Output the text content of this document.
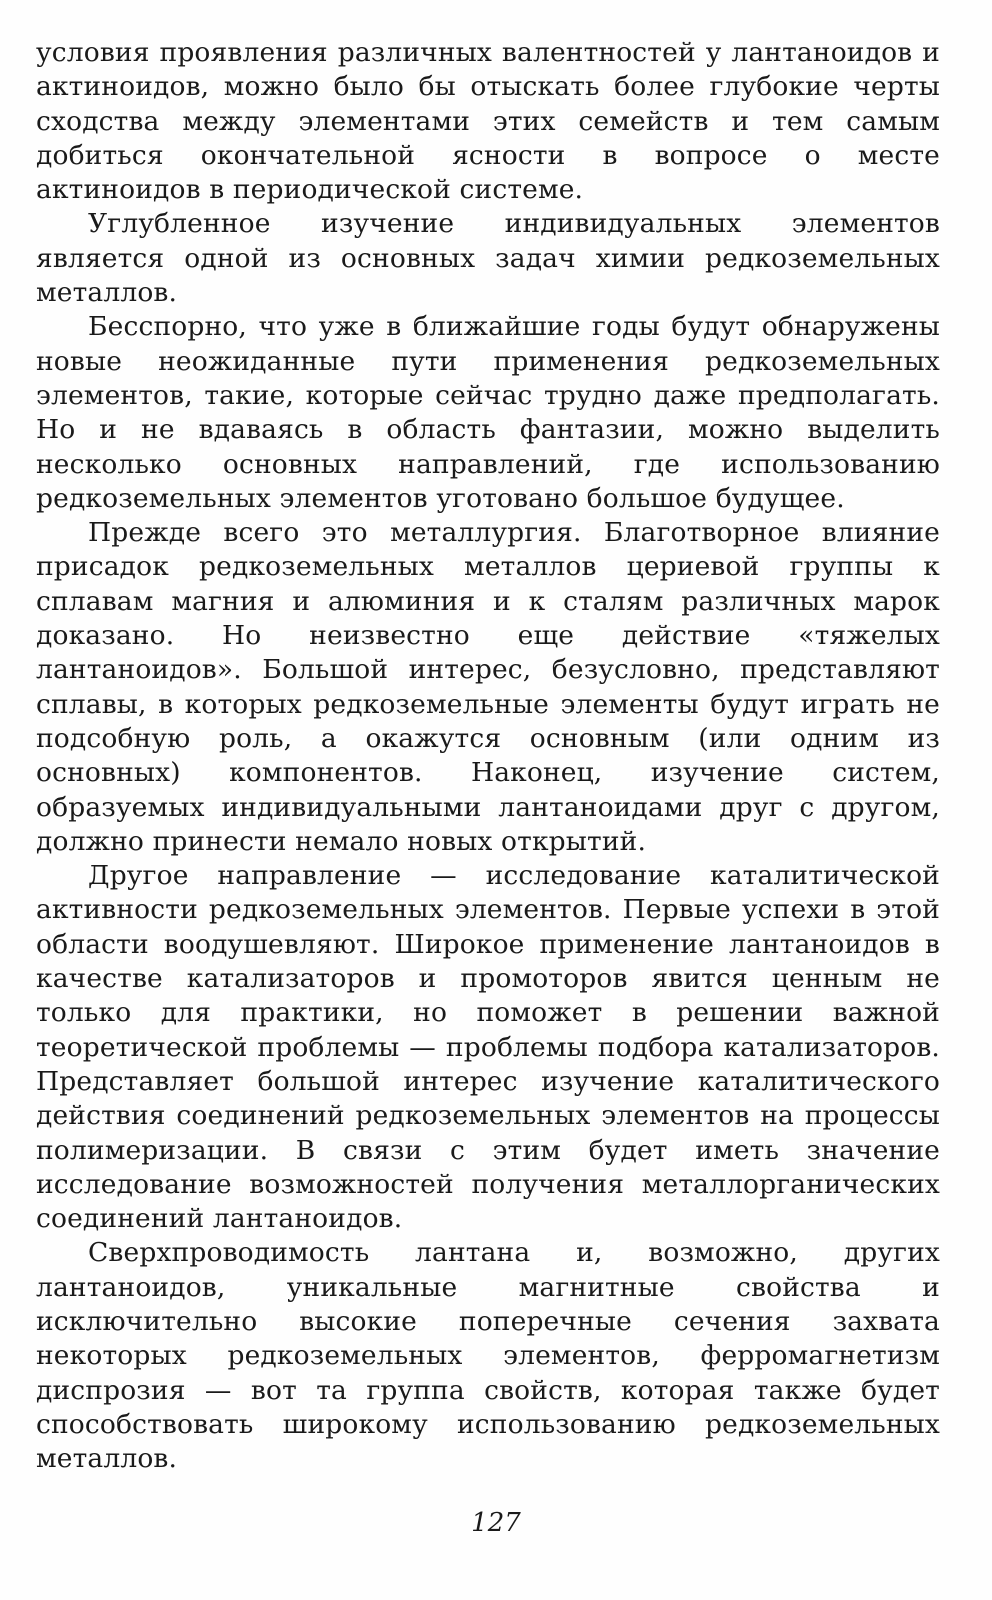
условия проявления различных валентностей у лантаноидов и актиноидов, можно было бы отыскать более глубокие черты сходства между элементами этих семейств и тем самым добиться окончательной ясности в вопросе о месте актиноидов в периодической системе.

Углубленное изучение индивидуальных элементов является одной из основных задач химии редкоземельных металлов.

Бесспорно, что уже в ближайшие годы будут обнаружены новые неожиданные пути применения редкоземельных элементов, такие, которые сейчас трудно даже предполагать. Но и не вдаваясь в область фантазии, можно выделить несколько основных направлений, где использованию редкоземельных элементов уготовано большое будущее.

Прежде всего это металлургия. Благотворное влияние присадок редкоземельных металлов цериевой группы к сплавам магния и алюминия и к сталям различных марок доказано. Но неизвестно еще действие «тяжелых лантаноидов». Большой интерес, безусловно, представляют сплавы, в которых редкоземельные элементы будут играть не подсобную роль, а окажутся основным (или одним из основных) компонентов. Наконец, изучение систем, образуемых индивидуальными лантаноидами друг с другом, должно принести немало новых открытий.

Другое направление — исследование каталитической активности редкоземельных элементов. Первые успехи в этой области воодушевляют. Широкое применение лантаноидов в качестве катализаторов и промоторов явится ценным не только для практики, но поможет в решении важной теоретической проблемы — проблемы подбора катализаторов. Представляет большой интерес изучение каталитического действия соединений редкоземельных элементов на процессы полимеризации. В связи с этим будет иметь значение исследование возможностей получения металлорганических соединений лантаноидов.

Сверхпроводимость лантана и, возможно, других лантаноидов, уникальные магнитные свойства и исключительно высокие поперечные сечения захвата некоторых редкоземельных элементов, ферромагнетизм диспрозия — вот та группа свойств, которая также будет способствовать широкому использованию редкоземельных металлов.

127
